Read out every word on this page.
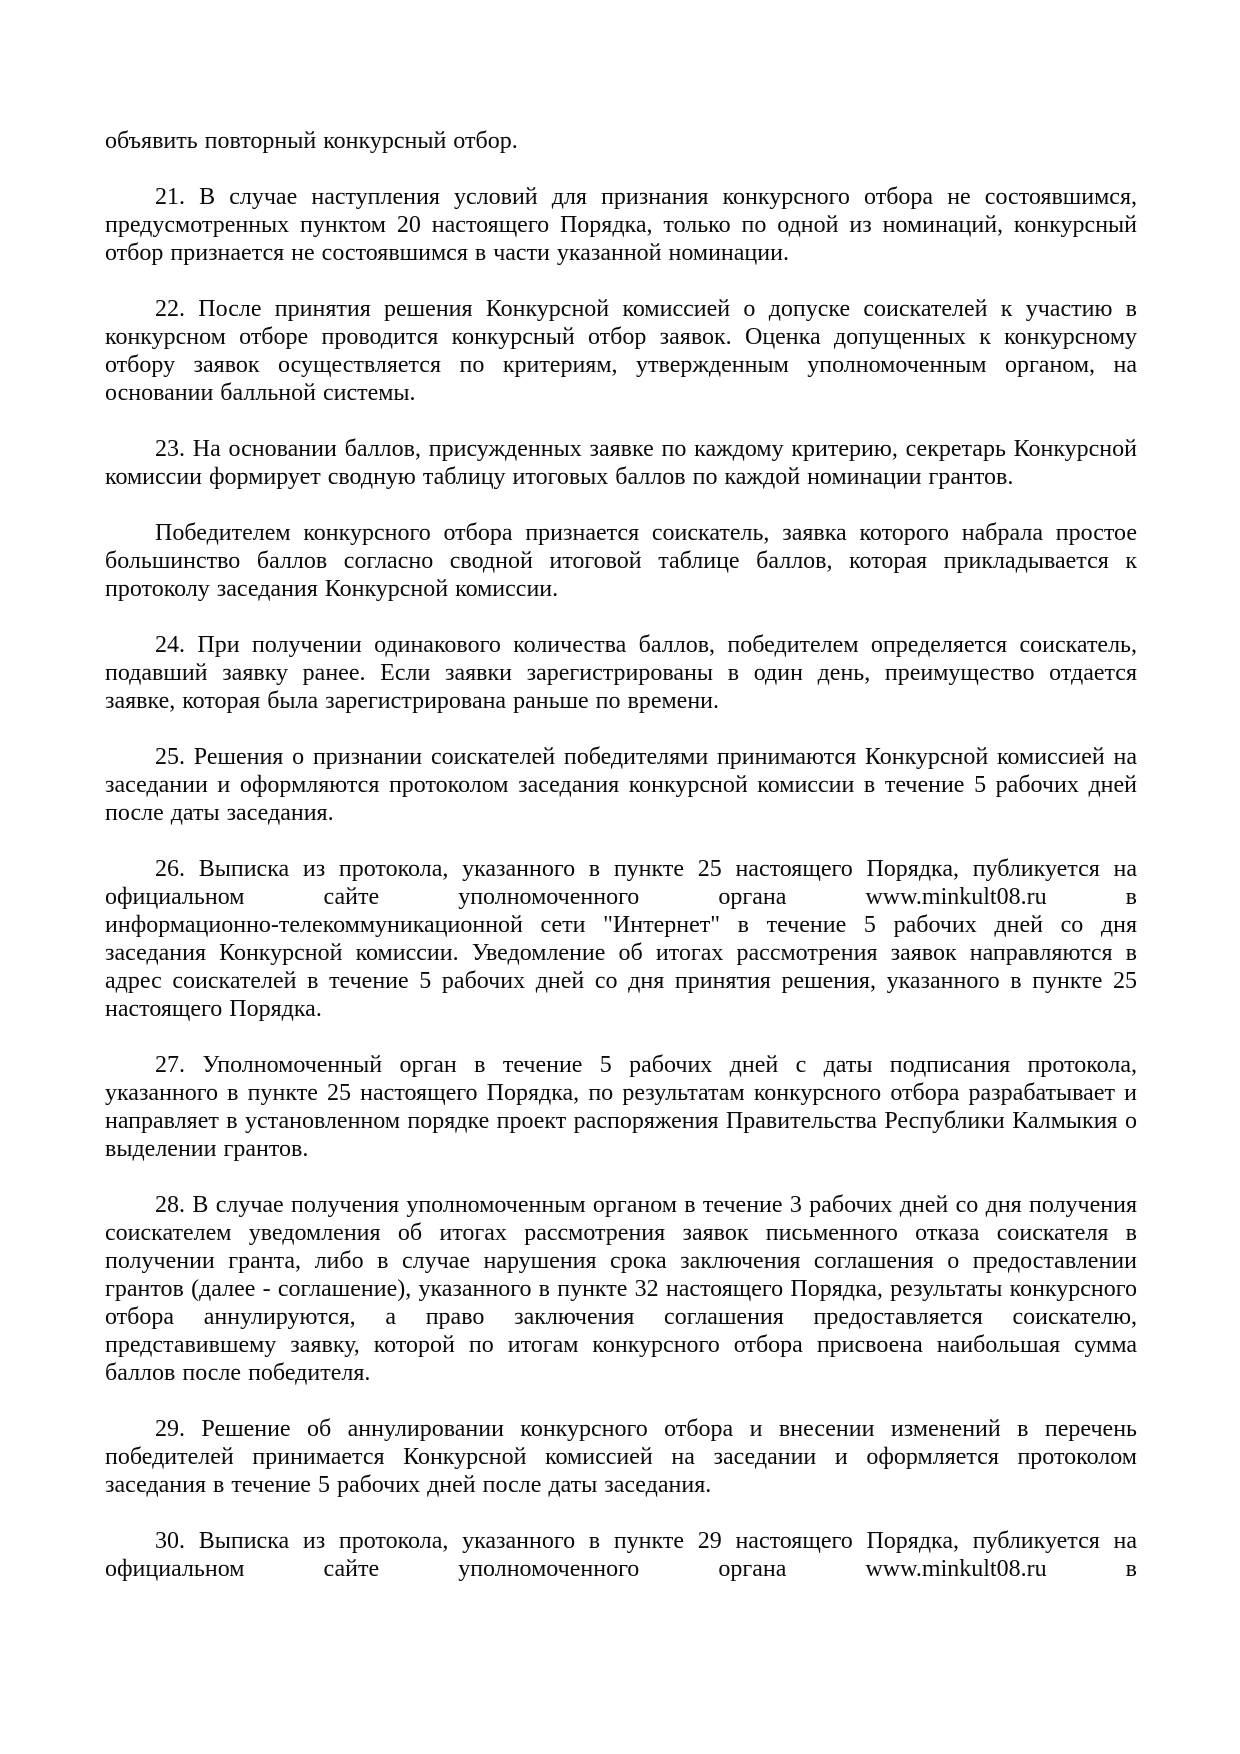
объявить повторный конкурсный отбор.

21. В случае наступления условий для признания конкурсного отбора не состоявшимся, предусмотренных пунктом 20 настоящего Порядка, только по одной из номинаций, конкурсный отбор признается не состоявшимся в части указанной номинации.

22. После принятия решения Конкурсной комиссией о допуске соискателей к участию в конкурсном отборе проводится конкурсный отбор заявок. Оценка допущенных к конкурсному отбору заявок осуществляется по критериям, утвержденным уполномоченным органом, на основании балльной системы.

23. На основании баллов, присужденных заявке по каждому критерию, секретарь Конкурсной комиссии формирует сводную таблицу итоговых баллов по каждой номинации грантов.

Победителем конкурсного отбора признается соискатель, заявка которого набрала простое большинство баллов согласно сводной итоговой таблице баллов, которая прикладывается к протоколу заседания Конкурсной комиссии.

24. При получении одинакового количества баллов, победителем определяется соискатель, подавший заявку ранее. Если заявки зарегистрированы в один день, преимущество отдается заявке, которая была зарегистрирована раньше по времени.

25. Решения о признании соискателей победителями принимаются Конкурсной комиссией на заседании и оформляются протоколом заседания конкурсной комиссии в течение 5 рабочих дней после даты заседания.

26. Выписка из протокола, указанного в пункте 25 настоящего Порядка, публикуется на официальном сайте уполномоченного органа www.minkult08.ru в информационно‑телекоммуникационной сети "Интернет" в течение 5 рабочих дней со дня заседания Конкурсной комиссии. Уведомление об итогах рассмотрения заявок направляются в адрес соискателей в течение 5 рабочих дней со дня принятия решения, указанного в пункте 25 настоящего Порядка.

27. Уполномоченный орган в течение 5 рабочих дней с даты подписания протокола, указанного в пункте 25 настоящего Порядка, по результатам конкурсного отбора разрабатывает и направляет в установленном порядке проект распоряжения Правительства Республики Калмыкия о выделении грантов.

28. В случае получения уполномоченным органом в течение 3 рабочих дней со дня получения соискателем уведомления об итогах рассмотрения заявок письменного отказа соискателя в получении гранта, либо в случае нарушения срока заключения соглашения о предоставлении грантов (далее - соглашение), указанного в пункте 32 настоящего Порядка, результаты конкурсного отбора аннулируются, а право заключения соглашения предоставляется соискателю, представившему заявку, которой по итогам конкурсного отбора присвоена наибольшая сумма баллов после победителя.

29. Решение об аннулировании конкурсного отбора и внесении изменений в перечень победителей принимается Конкурсной комиссией на заседании и оформляется протоколом заседания в течение 5 рабочих дней после даты заседания.

30. Выписка из протокола, указанного в пункте 29 настоящего Порядка, публикуется на официальном сайте уполномоченного органа www.minkult08.ru в
